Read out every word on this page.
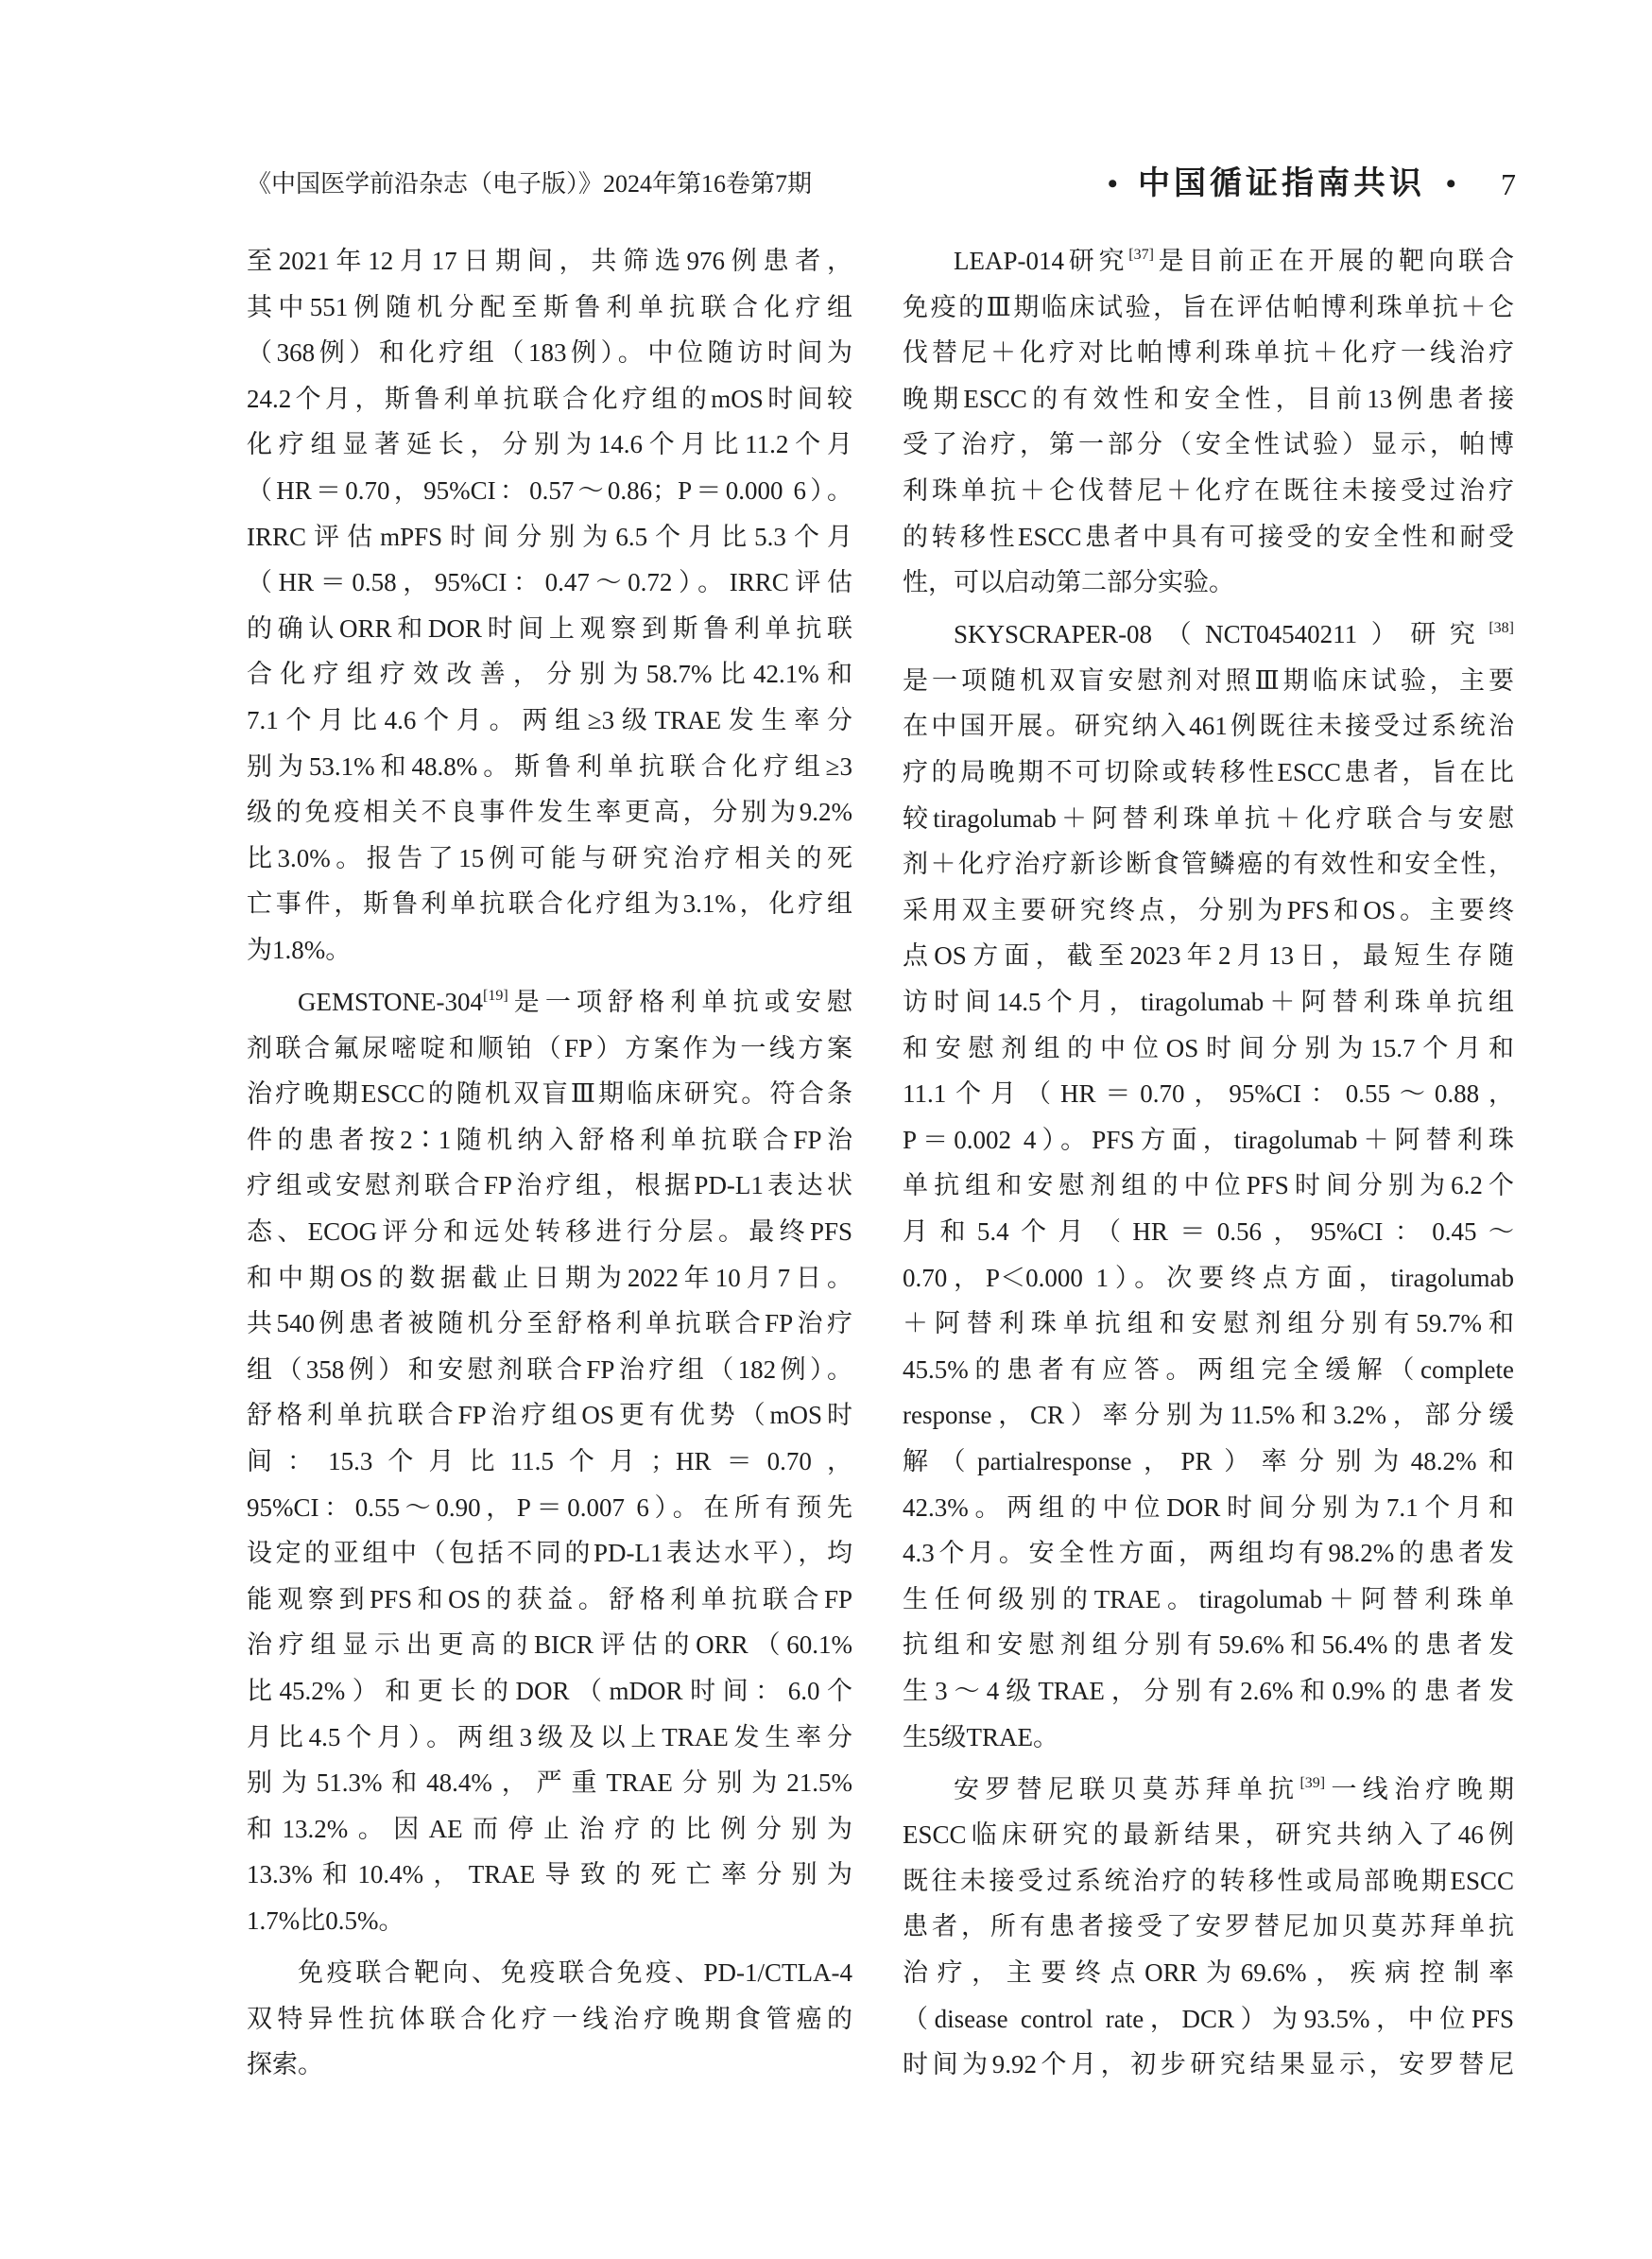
《中国医学前沿杂志（电子版）》2024年第16卷第7期	• 中国循证指南共识 • 7
至2021年12月17日期间，共筛选976例患者，
其中551例随机分配至斯鲁利单抗联合化疗组
（368例）和化疗组（183例）。中位随访时间为
24.2个月，斯鲁利单抗联合化疗组的mOS时间较
化疗组显著延长，分别为14.6个月比11.2个月
（HR＝0.70，95%CI：0.57～0.86；P＝0.000 6）。
IRRC评估mPFS时间分别为6.5个月比5.3个月
（HR＝0.58，95%CI：0.47～0.72）。IRRC评估
的确认ORR和DOR时间上观察到斯鲁利单抗联
合化疗组疗效改善，分别为58.7%比42.1%和
7.1个月比4.6个月。两组≥3级TRAE发生率分
别为53.1%和48.8%。斯鲁利单抗联合化疗组≥3
级的免疫相关不良事件发生率更高，分别为9.2%
比3.0%。报告了15例可能与研究治疗相关的死
亡事件，斯鲁利单抗联合化疗组为3.1%，化疗组
为1.8%。
GEMSTONE-304[19]是一项舒格利单抗或安慰
剂联合氟尿嘧啶和顺铂（FP）方案作为一线方案
治疗晚期ESCC的随机双盲Ⅲ期临床研究。符合条
件的患者按2∶1随机纳入舒格利单抗联合FP治
疗组或安慰剂联合FP治疗组，根据PD-L1表达状
态、ECOG评分和远处转移进行分层。最终PFS
和中期OS的数据截止日期为2022年10月7日。
共540例患者被随机分至舒格利单抗联合FP治疗
组（358例）和安慰剂联合FP治疗组（182例）。
舒格利单抗联合FP治疗组OS更有优势（mOS时
间：15.3个月比11.5个月；HR＝0.70，
95%CI：0.55～0.90，P＝0.007 6）。在所有预先
设定的亚组中（包括不同的PD-L1表达水平），均
能观察到PFS和OS的获益。舒格利单抗联合FP
治疗组显示出更高的BICR评估的ORR（60.1%
比45.2%）和更长的DOR（mDOR时间：6.0个
月比4.5个月）。两组3级及以上TRAE发生率分
别为51.3%和48.4%，严重TRAE分别为21.5%
和13.2%。因AE而停止治疗的比例分别为
13.3%和10.4%，TRAE导致的死亡率分别为
1.7%比0.5%。
免疫联合靶向、免疫联合免疫、PD-1/CTLA-4
双特异性抗体联合化疗一线治疗晚期食管癌的
探索。
LEAP-014研究[37]是目前正在开展的靶向联合
免疫的Ⅲ期临床试验，旨在评估帕博利珠单抗＋仑
伐替尼＋化疗对比帕博利珠单抗＋化疗一线治疗
晚期ESCC的有效性和安全性，目前13例患者接
受了治疗，第一部分（安全性试验）显示，帕博
利珠单抗＋仑伐替尼＋化疗在既往未接受过治疗
的转移性ESCC患者中具有可接受的安全性和耐受
性，可以启动第二部分实验。
SKYSCRAPER-08（NCT04540211）研究[38]
是一项随机双盲安慰剂对照Ⅲ期临床试验，主要
在中国开展。研究纳入461例既往未接受过系统治
疗的局晚期不可切除或转移性ESCC患者，旨在比
较tiragolumab＋阿替利珠单抗＋化疗联合与安慰
剂＋化疗治疗新诊断食管鳞癌的有效性和安全性，
采用双主要研究终点，分别为PFS和OS。主要终
点OS方面，截至2023年2月13日，最短生存随
访时间14.5个月，tiragolumab＋阿替利珠单抗组
和安慰剂组的中位OS时间分别为15.7个月和
11.1个月（HR＝0.70，95%CI：0.55～0.88，
P＝0.002 4）。PFS方面，tiragolumab＋阿替利珠
单抗组和安慰剂组的中位PFS时间分别为6.2个
月和5.4个月（HR＝0.56，95%CI：0.45～
0.70，P＜0.000 1）。次要终点方面，tiragolumab
＋阿替利珠单抗组和安慰剂组分别有59.7%和
45.5%的患者有应答。两组完全缓解（complete
response，CR）率分别为11.5%和3.2%，部分缓
解（partialresponse，PR）率分别为48.2%和
42.3%。两组的中位DOR时间分别为7.1个月和
4.3个月。安全性方面，两组均有98.2%的患者发
生任何级别的TRAE。tiragolumab＋阿替利珠单
抗组和安慰剂组分别有59.6%和56.4%的患者发
生3～4级TRAE，分别有2.6%和0.9%的患者发
生5级TRAE。
安罗替尼联贝莫苏拜单抗[39]一线治疗晚期
ESCC临床研究的最新结果，研究共纳入了46例
既往未接受过系统治疗的转移性或局部晚期ESCC
患者，所有患者接受了安罗替尼加贝莫苏拜单抗
治疗，主要终点ORR为69.6%，疾病控制率
（disease control rate，DCR）为93.5%，中位PFS
时间为9.92个月，初步研究结果显示，安罗替尼
